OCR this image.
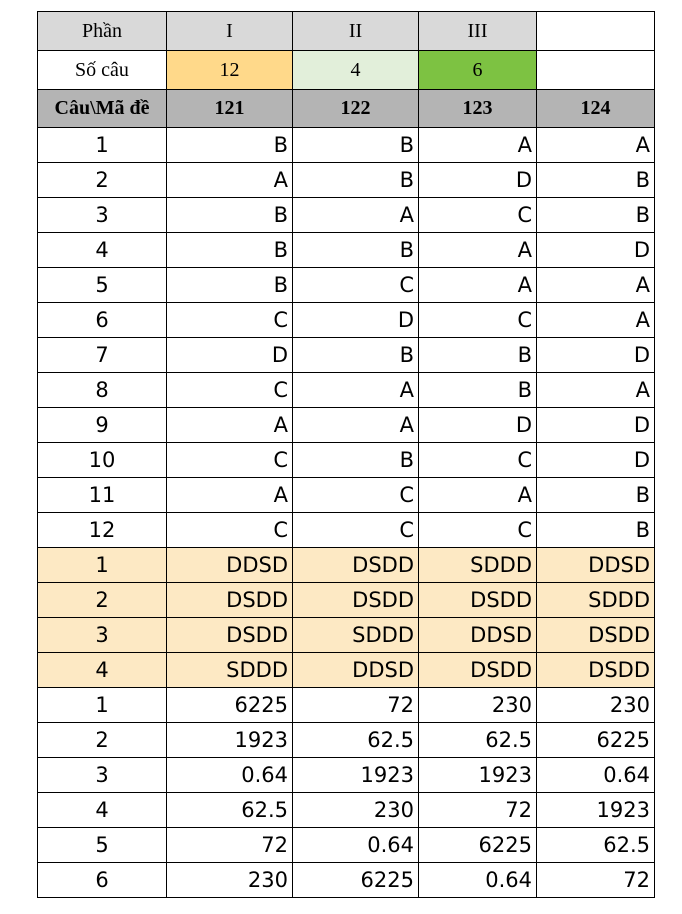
Phần	I	II	III	
Số câu	12	4	6	
Câu\Mã đề	121	122	123	124
1	B	B	A	A
2	A	B	D	B
3	B	A	C	B
4	B	B	A	D
5	B	C	A	A
6	C	D	C	A
7	D	B	B	D
8	C	A	B	A
9	A	A	D	D
10	C	B	C	D
11	A	C	A	B
12	C	C	C	B
1	DDSD	DSDD	SDDD	DDSD
2	DSDD	DSDD	DSDD	SDDD
3	DSDD	SDDD	DDSD	DSDD
4	SDDD	DDSD	DSDD	DSDD
1	6225	72	230	230
2	1923	62.5	62.5	6225
3	0.64	1923	1923	0.64
4	62.5	230	72	1923
5	72	0.64	6225	62.5
6	230	6225	0.64	72
